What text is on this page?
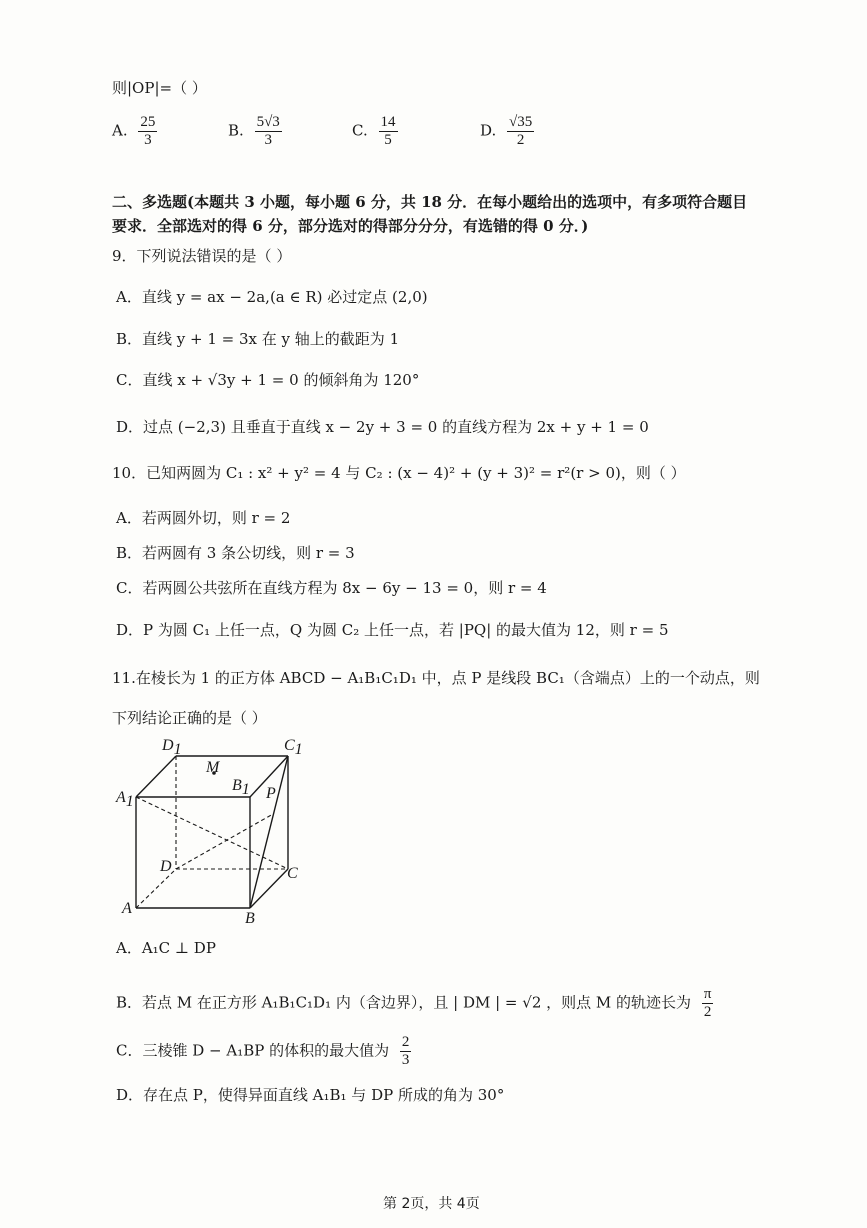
则|OP|=（ ）
A. $\frac{25}{3}$	B. $\frac{5√3}{3}$	C. $\frac{14}{5}$	D. $\frac{√35}{2}$
二、多选题(本题共 3 小题，每小题 6 分，共 18 分．在每小题给出的选项中，有多项符合题目
要求．全部选对的得 6 分，部分选对的得部分分分，有选错的得 0 分．)
9．下列说法错误的是（ ）
A．直线 y = ax − 2a,(a ∈ R) 必过定点 (2,0)
B．直线 y + 1 = 3x 在 y 轴上的截距为 1
C．直线 x + √3y + 1 = 0 的倾斜角为 120°
D．过点 (−2,3) 且垂直于直线 x − 2y + 3 = 0 的直线方程为 2x + y + 1 = 0
10．已知两圆为 C₁ : x² + y² = 4 与 C₂ : (x − 4)² + (y + 3)² = r²(r > 0)，则（ ）
A．若两圆外切，则 r = 2
B．若两圆有 3 条公切线，则 r = 3
C．若两圆公共弦所在直线方程为 8x − 6y − 13 = 0，则 r = 4
D．P 为圆 C₁ 上任一点，Q 为圆 C₂ 上任一点，若 |PQ| 的最大值为 12，则 r = 5
11.在棱长为 1 的正方体 ABCD − A₁B₁C₁D₁ 中，点 P 是线段 BC₁（含端点）上的一个动点，则
下列结论正确的是（ ）
D1	C1
M
B1
A1	P
D	C
A
B
A．A₁C ⊥ DP
B．若点 M 在正方形 A₁B₁C₁D₁ 内（含边界），且 | DM | = √2 ，则点 M 的轨迹长为 $\frac{\pi}{2}$
C．三棱锥 D − A₁BP 的体积的最大值为 $\frac{2}{3}$
D．存在点 P，使得异面直线 A₁B₁ 与 DP 所成的角为 30°
第 2页，共 4页
